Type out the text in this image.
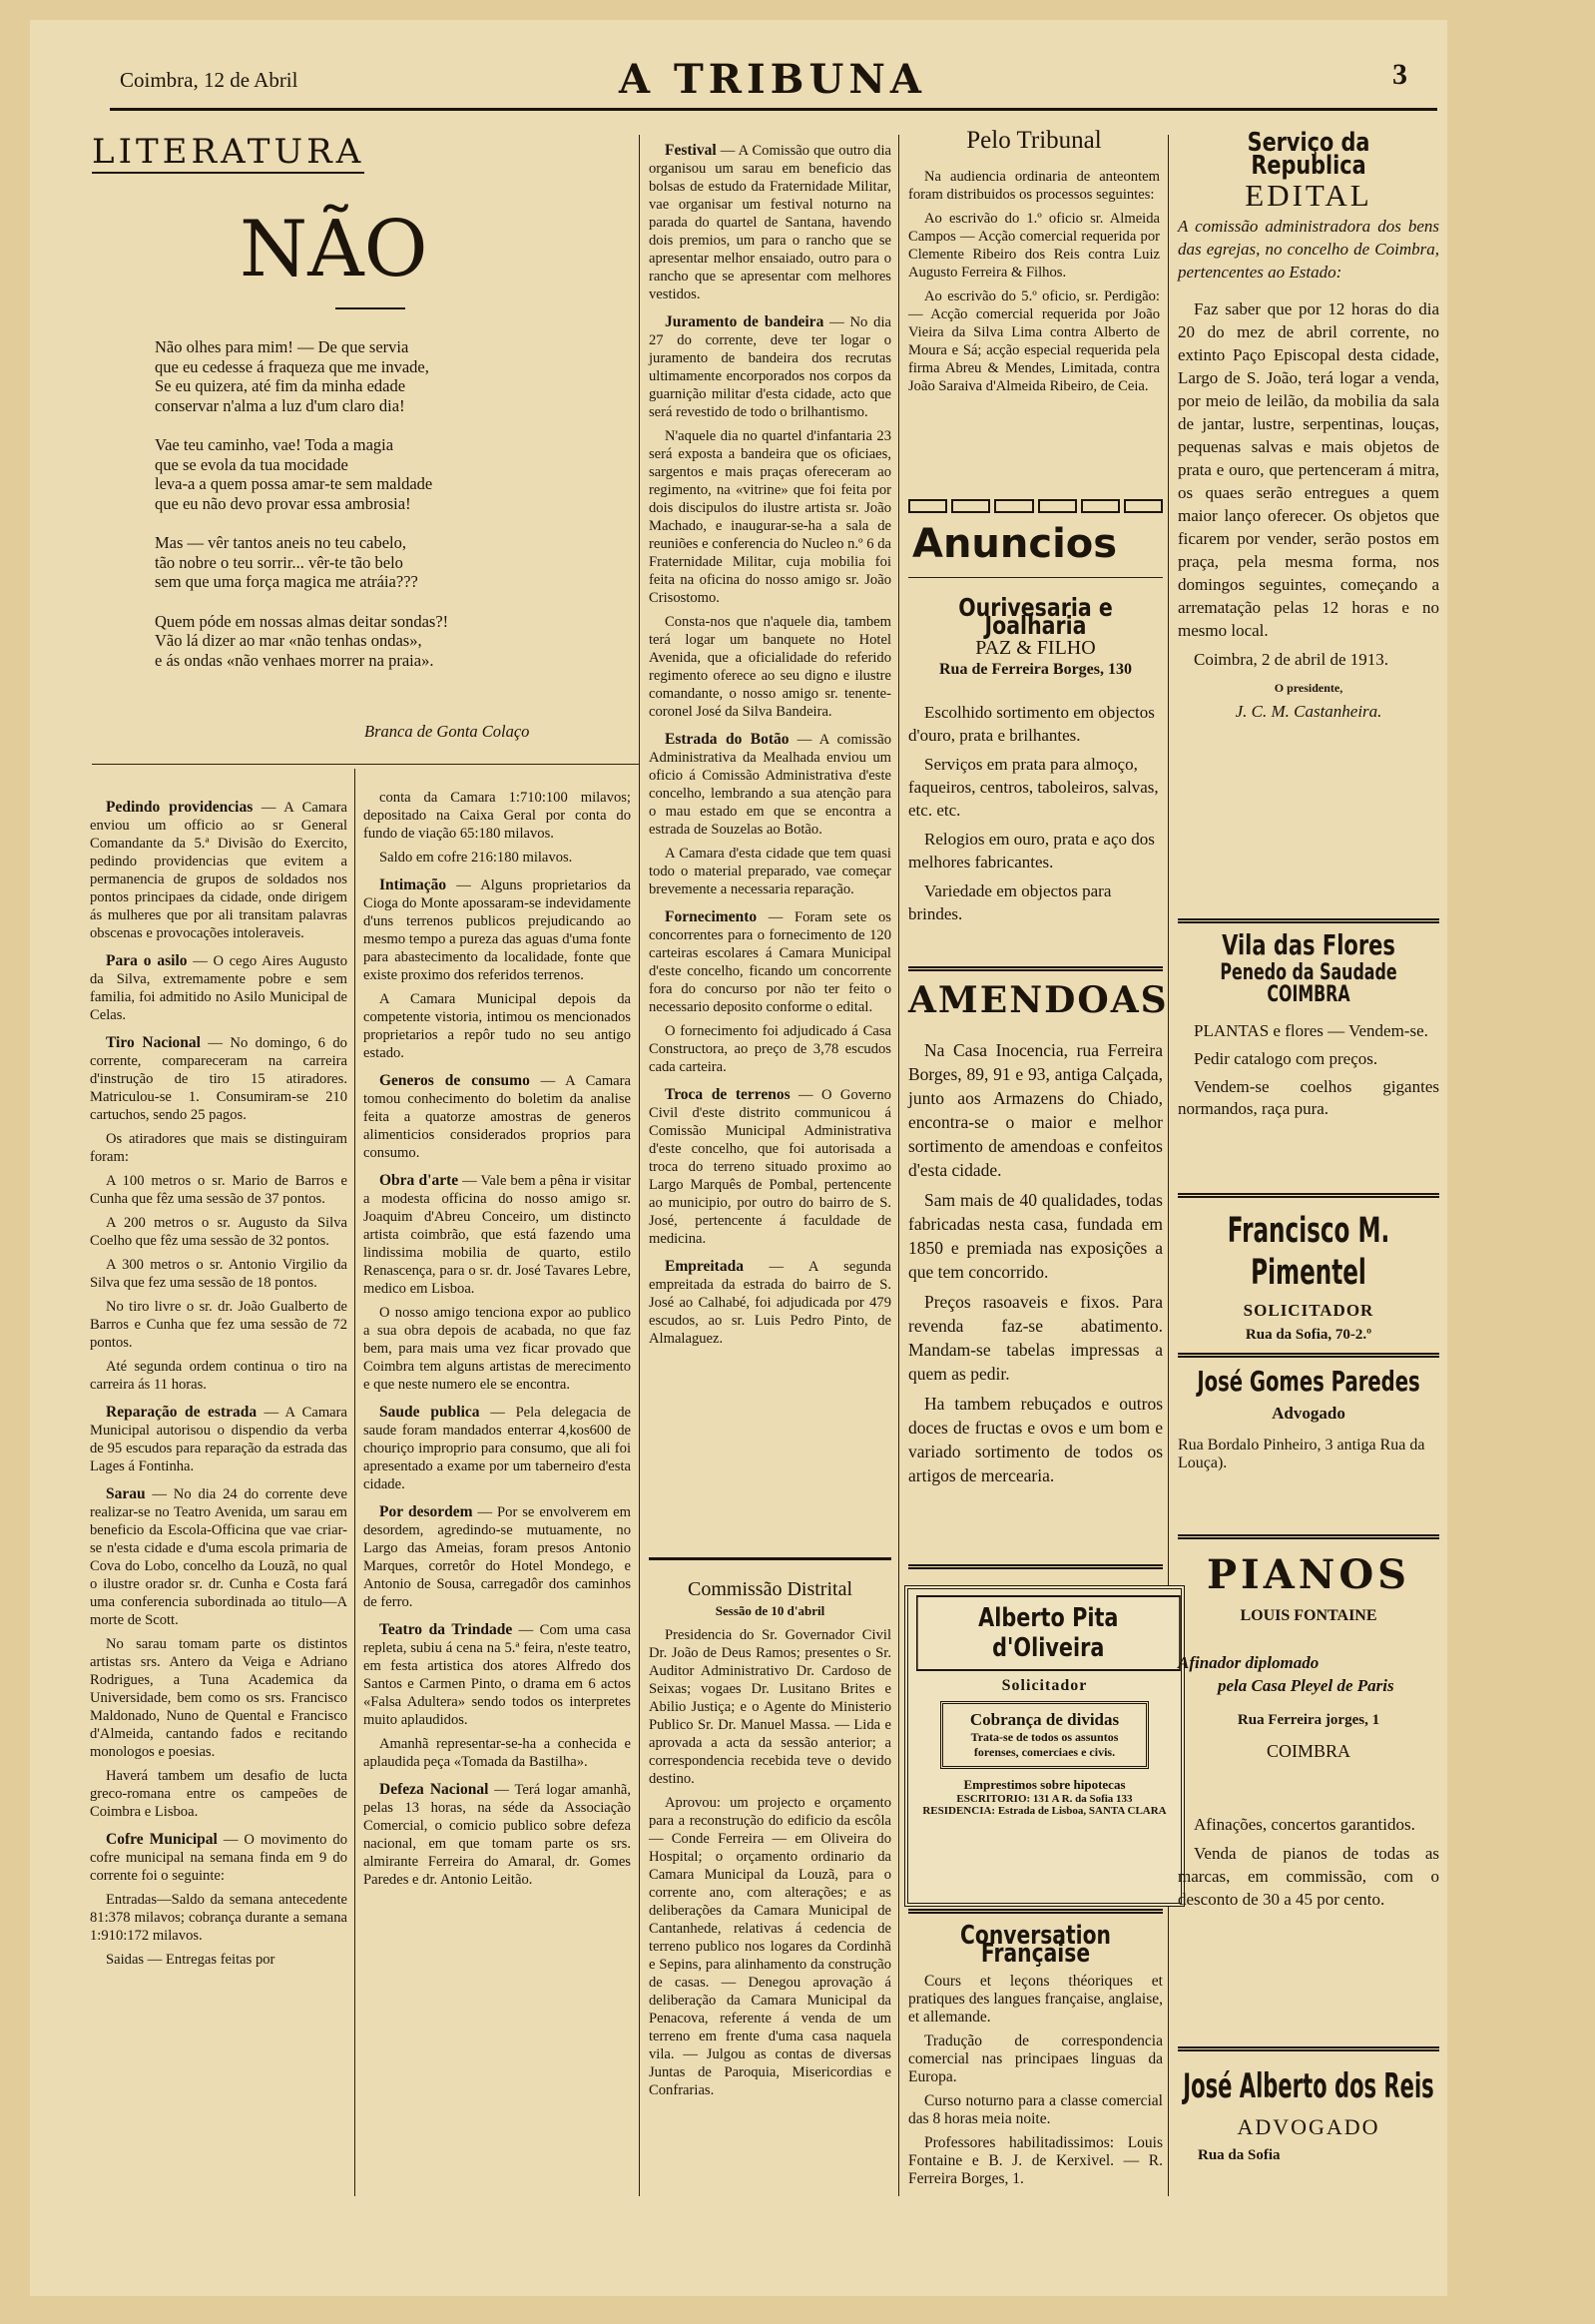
Coimbra, 12 de Abril	A TRIBUNA	3
LITERATURA
NÃO
Não olhes para mim! — De que servia
que eu cedesse á fraqueza que me invade,
Se eu quizera, até fim da minha edade
conservar n'alma a luz d'um claro dia!
Vae teu caminho, vae! Toda a magia
que se evola da tua mocidade
leva-a a quem possa amar-te sem maldade
que eu não devo provar essa ambrosia!
Mas — vêr tantos aneis no teu cabelo,
tão nobre o teu sorrir... vêr-te tão belo
sem que uma força magica me atráia???
Quem póde em nossas almas deitar sondas?!
Vão lá dizer ao mar «não tenhas ondas»,
e ás ondas «não venhaes morrer na praia».
Branca de Gonta Colaço

Pedindo providencias — A Camara enviou um officio ao sr General Comandante da 5.ª Divisão do Exercito, pedindo providencias que evitem a permanencia de grupos de soldados nos pontos principaes da cidade, onde dirigem ás mulheres que por ali transitam palavras obscenas e provocações intoleraveis.

Para o asilo — O cego Aires Augusto da Silva, extremamente pobre e sem familia, foi admitido no Asilo Municipal de Celas.

Tiro Nacional — No domingo, 6 do corrente, compareceram na carreira d'instrução de tiro 15 atiradores. Matriculou-se 1. Consumiram-se 210 cartuchos, sendo 25 pagos.

Os atiradores que mais se distinguiram foram:

A 100 metros o sr. Mario de Barros e Cunha que fêz uma sessão de 37 pontos.

A 200 metros o sr. Augusto da Silva Coelho que fêz uma sessão de 32 pontos.

A 300 metros o sr. Antonio Virgilio da Silva que fez uma sessão de 18 pontos.

No tiro livre o sr. dr. João Gualberto de Barros e Cunha que fez uma sessão de 72 pontos.

Até segunda ordem continua o tiro na carreira ás 11 horas.

Reparação de estrada — A Camara Municipal autorisou o dispendio da verba de 95 escudos para reparação da estrada das Lages á Fontinha.

Sarau — No dia 24 do corrente deve realizar-se no Teatro Avenida, um sarau em beneficio da Escola-Officina que vae criar-se n'esta cidade e d'uma escola primaria de Cova do Lobo, concelho da Louzã, no qual o ilustre orador sr. dr. Cunha e Costa fará uma conferencia subordinada ao titulo—A morte de Scott.

No sarau tomam parte os distintos artistas srs. Antero da Veiga e Adriano Rodrigues, a Tuna Academica da Universidade, bem como os srs. Francisco Maldonado, Nuno de Quental e Francisco d'Almeida, cantando fados e recitando monologos e poesias.

Haverá tambem um desafio de lucta greco-romana entre os campeões de Coimbra e Lisboa.

Cofre Municipal — O movimento do cofre municipal na semana finda em 9 do corrente foi o seguinte:

Entradas—Saldo da semana antecedente 81:378 milavos; cobrança durante a semana 1:910:172 milavos.

Saidas — Entregas feitas por

conta da Camara 1:710:100 milavos; depositado na Caixa Geral por conta do fundo de viação 65:180 milavos.

Saldo em cofre 216:180 milavos.

Intimação — Alguns proprietarios da Cioga do Monte apossaram-se indevidamente d'uns terrenos publicos prejudicando ao mesmo tempo a pureza das aguas d'uma fonte para abastecimento da localidade, fonte que existe proximo dos referidos terrenos.

A Camara Municipal depois da competente vistoria, intimou os mencionados proprietarios a repôr tudo no seu antigo estado.

Generos de consumo — A Camara tomou conhecimento do boletim da analise feita a quatorze amostras de generos alimenticios considerados proprios para consumo.

Obra d'arte — Vale bem a pêna ir visitar a modesta officina do nosso amigo sr. Joaquim d'Abreu Conceiro, um distincto artista coimbrão, que está fazendo uma lindissima mobilia de quarto, estilo Renascença, para o sr. dr. José Tavares Lebre, medico em Lisboa.

O nosso amigo tenciona expor ao publico a sua obra depois de acabada, no que faz bem, para mais uma vez ficar provado que Coimbra tem alguns artistas de merecimento e que neste numero ele se encontra.

Saude publica — Pela delegacia de saude foram mandados enterrar 4,kos600 de chouriço improprio para consumo, que ali foi apresentado a exame por um taberneiro d'esta cidade.

Por desordem — Por se envolverem em desordem, agredindo-se mutuamente, no Largo das Ameias, foram presos Antonio Marques, corretôr do Hotel Mondego, e Antonio de Sousa, carregadôr dos caminhos de ferro.

Teatro da Trindade — Com uma casa repleta, subiu á cena na 5.ª feira, n'este teatro, em festa artistica dos atores Alfredo dos Santos e Carmen Pinto, o drama em 6 actos «Falsa Adultera» sendo todos os interpretes muito aplaudidos.

Amanhã representar-se-ha a conhecida e aplaudida peça «Tomada da Bastilha».

Defeza Nacional — Terá logar amanhã, pelas 13 horas, na séde da Associação Comercial, o comicio publico sobre defeza nacional, em que tomam parte os srs. almirante Ferreira do Amaral, dr. Gomes Paredes e dr. Antonio Leitão.

Festival — A Comissão que outro dia organisou um sarau em beneficio das bolsas de estudo da Fraternidade Militar, vae organisar um festival noturno na parada do quartel de Santana, havendo dois premios, um para o rancho que se apresentar melhor ensaiado, outro para o rancho que se apresentar com melhores vestidos.

Juramento de bandeira — No dia 27 do corrente, deve ter logar o juramento de bandeira dos recrutas ultimamente encorporados nos corpos da guarnição militar d'esta cidade, acto que será revestido de todo o brilhantismo.

N'aquele dia no quartel d'infantaria 23 será exposta a bandeira que os oficiaes, sargentos e mais praças ofereceram ao regimento, na «vitrine» que foi feita por dois discipulos do ilustre artista sr. João Machado, e inaugurar-se-ha a sala de reuniões e conferencia do Nucleo n.º 6 da Fraternidade Militar, cuja mobilia foi feita na oficina do nosso amigo sr. João Crisostomo.

Consta-nos que n'aquele dia, tambem terá logar um banquete no Hotel Avenida, que a oficialidade do referido regimento oferece ao seu digno e ilustre comandante, o nosso amigo sr. tenente-coronel José da Silva Bandeira.

Estrada do Botão — A comissão Administrativa da Mealhada enviou um oficio á Comissão Administrativa d'este concelho, lembrando a sua atenção para o mau estado em que se encontra a estrada de Souzelas ao Botão.

A Camara d'esta cidade que tem quasi todo o material preparado, vae começar brevemente a necessaria reparação.

Fornecimento — Foram sete os concorrentes para o fornecimento de 120 carteiras escolares á Camara Municipal d'este concelho, ficando um concorrente fora do concurso por não ter feito o necessario deposito conforme o edital.

O fornecimento foi adjudicado á Casa Constructora, ao preço de 3,78 escudos cada carteira.

Troca de terrenos — O Governo Civil d'este distrito communicou á Comissão Municipal Administrativa d'este concelho, que foi autorisada a troca do terreno situado proximo ao Largo Marquês de Pombal, pertencente ao municipio, por outro do bairro de S. José, pertencente á faculdade de medicina.

Empreitada — A segunda empreitada da estrada do bairro de S. José ao Calhabé, foi adjudicada por 479 escudos, ao sr. Luis Pedro Pinto, de Almalaguez.

Commissão Distrital
Sessão de 10 d'abril

Presidencia do Sr. Governador Civil Dr. João de Deus Ramos; presentes o Sr. Auditor Administrativo Dr. Cardoso de Seixas; vogaes Dr. Lusitano Brites e Abilio Justiça; e o Agente do Ministerio Publico Sr. Dr. Manuel Massa. — Lida e aprovada a acta da sessão anterior; a correspondencia recebida teve o devido destino.

Aprovou: um projecto e orçamento para a reconstrução do edificio da escôla — Conde Ferreira — em Oliveira do Hospital; o orçamento ordinario da Camara Municipal da Louzã, para o corrente ano, com alterações; e as deliberações da Camara Municipal de Cantanhede, relativas á cedencia de terreno publico nos logares da Cordinhã e Sepins, para alinhamento da construção de casas. — Denegou aprovação á deliberação da Camara Municipal da Penacova, referente á venda de um terreno em frente d'uma casa naquela vila. — Julgou as contas de diversas Juntas de Paroquia, Misericordias e Confrarias.

Pelo Tribunal

Na audiencia ordinaria de anteontem foram distribuidos os processos seguintes:

Ao escrivão do 1.º oficio sr. Almeida Campos — Acção comercial requerida por Clemente Ribeiro dos Reis contra Luiz Augusto Ferreira & Filhos.

Ao escrivão do 5.º oficio, sr. Perdigão: — Acção comercial requerida por João Vieira da Silva Lima contra Alberto de Moura e Sá; acção especial requerida pela firma Abreu & Mendes, Limitada, contra João Saraiva d'Almeida Ribeiro, de Ceia.

Anuncios
Ourivesaria e Joalharia
PAZ & FILHO
Rua de Ferreira Borges, 130

Escolhido sortimento em objectos d'ouro, prata e brilhantes.

Serviços em prata para almoço, faqueiros, centros, taboleiros, salvas, etc. etc.

Relogios em ouro, prata e aço dos melhores fabricantes.

Variedade em objectos para brindes.

AMENDOAS

Na Casa Inocencia, rua Ferreira Borges, 89, 91 e 93, antiga Calçada, junto aos Armazens do Chiado, encontra-se o maior e melhor sortimento de amendoas e confeitos d'esta cidade.

Sam mais de 40 qualidades, todas fabricadas nesta casa, fundada em 1850 e premiada nas exposições a que tem concorrido.

Preços rasoaveis e fixos. Para revenda faz-se abatimento. Mandam-se tabelas impressas a quem as pedir.

Ha tambem rebuçados e outros doces de fructas e ovos e um bom e variado sortimento de todos os artigos de mercearia.

Alberto Pita d'Oliveira
Solicitador
Cobrança de dividas
Trata-se de todos os assuntos forenses, comerciaes e civis.
Emprestimos sobre hipotecas
ESCRITORIO: 131 A R. da Sofia 133
RESIDENCIA: Estrada de Lisboa, SANTA CLARA
Conversation Française

Cours et leçons théoriques et pratiques des langues française, anglaise, et allemande.

Tradução de correspondencia comercial nas principaes linguas da Europa.

Curso noturno para a classe comercial das 8 horas meia noite.

Professores habilitadissimos: Louis Fontaine e B. J. de Kerxivel. — R. Ferreira Borges, 1.

Serviço da Republica
EDITAL

A comissão administradora dos bens das egrejas, no concelho de Coimbra, pertencentes ao Estado:

Faz saber que por 12 horas do dia 20 do mez de abril corrente, no extinto Paço Episcopal desta cidade, Largo de S. João, terá logar a venda, por meio de leilão, da mobilia da sala de jantar, lustre, serpentinas, louças, pequenas salvas e mais objetos de prata e ouro, que pertenceram á mitra, os quaes serão entregues a quem maior lanço oferecer. Os objetos que ficarem por vender, serão postos em praça, pela mesma forma, nos domingos seguintes, começando a arrematação pelas 12 horas e no mesmo local.

Coimbra, 2 de abril de 1913.

O presidente,
J. C. M. Castanheira.
Vila das Flores
Penedo da Saudade COIMBRA

PLANTAS e flores — Vendem-se.

Pedir catalogo com preços.

Vendem-se coelhos gigantes normandos, raça pura.

Francisco M. Pimentel
SOLICITADOR
Rua da Sofia, 70-2.º
José Gomes Paredes
Advogado
Rua Bordalo Pinheiro, 3 antiga Rua da Louça).
PIANOS
LOUIS FONTAINE
Afinador diplomado
pela Casa Pleyel de Paris
Rua Ferreira jorges, 1
COIMBRA

Afinações, concertos garantidos.

Venda de pianos de todas as marcas, em commissão, com o desconto de 30 a 45 por cento.

José Alberto dos Reis
ADVOGADO
Rua da Sofia
